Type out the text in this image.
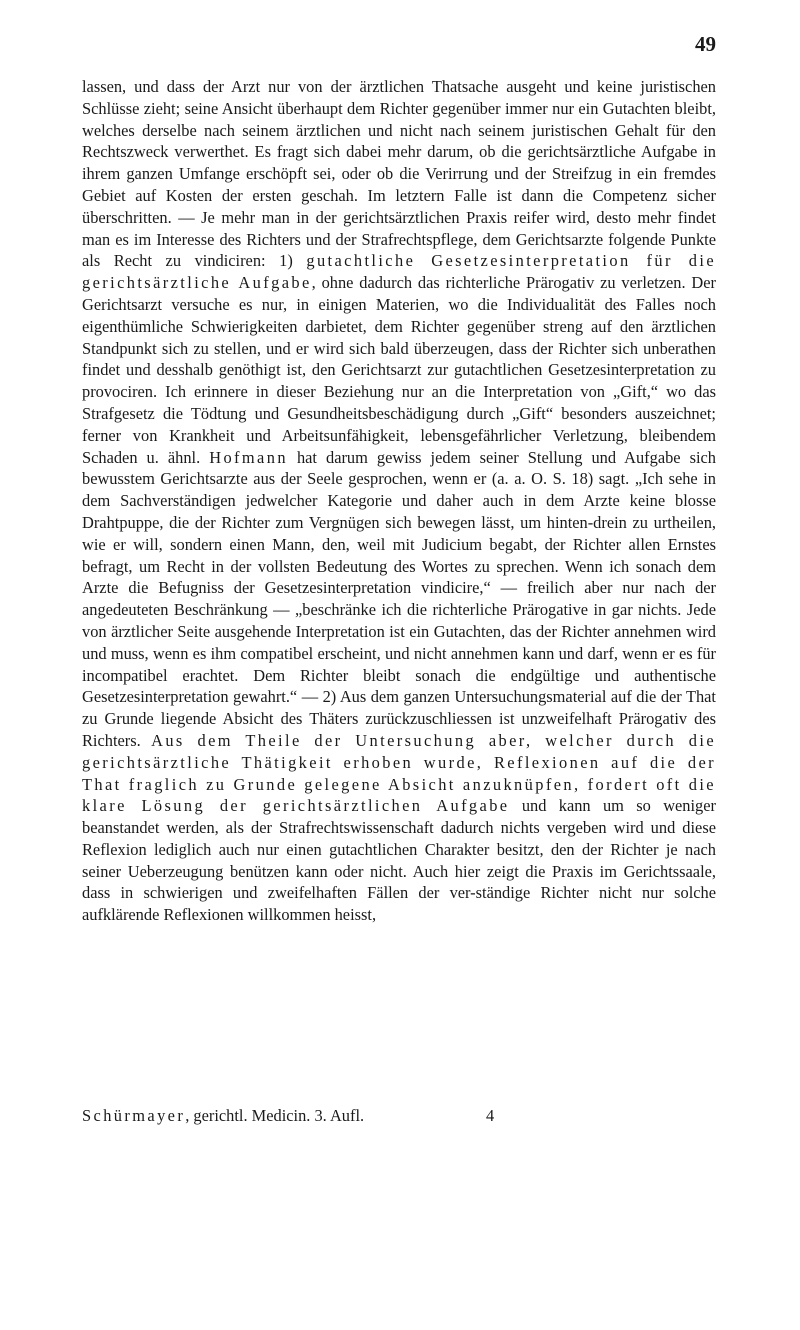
49

lassen, und dass der Arzt nur von der ärztlichen Thatsache ausgeht und keine juristischen Schlüsse zieht; seine Ansicht überhaupt dem Richter gegenüber immer nur ein Gutachten bleibt, welches derselbe nach seinem ärztlichen und nicht nach seinem juristischen Gehalt für den Rechtszweck verwerthet. Es fragt sich dabei mehr darum, ob die gerichtsärztliche Aufgabe in ihrem ganzen Umfange erschöpft sei, oder ob die Verirrung und der Streifzug in ein fremdes Gebiet auf Kosten der ersten geschah. Im letztern Falle ist dann die Competenz sicher überschritten. — Je mehr man in der gerichtsärztlichen Praxis reifer wird, desto mehr findet man es im Interesse des Richters und der Strafrechtspflege, dem Gerichtsarzte folgende Punkte als Recht zu vindiciren: 1) gutachtliche Gesetzesinterpretation für die gerichtsärztliche Aufgabe, ohne dadurch das richterliche Prärogativ zu verletzen. Der Gerichtsarzt versuche es nur, in einigen Materien, wo die Individualität des Falles noch eigenthümliche Schwierigkeiten darbietet, dem Richter gegenüber streng auf den ärztlichen Standpunkt sich zu stellen, und er wird sich bald überzeugen, dass der Richter sich unberathen findet und desshalb genöthigt ist, den Gerichtsarzt zur gutachtlichen Gesetzesinterpretation zu provociren. Ich erinnere in dieser Beziehung nur an die Interpretation von „Gift,“ wo das Strafgesetz die Tödtung und Gesundheitsbeschädigung durch „Gift“ besonders auszeichnet; ferner von Krankheit und Arbeitsunfähigkeit, lebensgefährlicher Verletzung, bleibendem Schaden u. ähnl. Hofmann hat darum gewiss jedem seiner Stellung und Aufgabe sich bewusstem Gerichtsarzte aus der Seele gesprochen, wenn er (a. a. O. S. 18) sagt. „Ich sehe in dem Sachverständigen jedwelcher Kategorie und daher auch in dem Arzte keine blosse Drahtpuppe, die der Richter zum Vergnügen sich bewegen lässt, um hinten-drein zu urtheilen, wie er will, sondern einen Mann, den, weil mit Judicium begabt, der Richter allen Ernstes befragt, um Recht in der vollsten Bedeutung des Wortes zu sprechen. Wenn ich sonach dem Arzte die Befugniss der Gesetzesinterpretation vindicire,“ — freilich aber nur nach der angedeuteten Beschränkung — „beschränke ich die richterliche Prärogative in gar nichts. Jede von ärztlicher Seite ausgehende Interpretation ist ein Gutachten, das der Richter annehmen wird und muss, wenn es ihm compatibel erscheint, und nicht annehmen kann und darf, wenn er es für incompatibel erachtet. Dem Richter bleibt sonach die endgültige und authentische Gesetzesinterpretation gewahrt.“ — 2) Aus dem ganzen Untersuchungsmaterial auf die der That zu Grunde liegende Absicht des Thäters zurückzuschliessen ist unzweifelhaft Prärogativ des Richters. Aus dem Theile der Untersuchung aber, welcher durch die gerichtsärztliche Thätigkeit erhoben wurde, Reflexionen auf die der That fraglich zu Grunde gelegene Absicht anzuknüpfen, fordert oft die klare Lösung der gerichtsärztlichen Aufgabe und kann um so weniger beanstandet werden, als der Strafrechtswissenschaft dadurch nichts vergeben wird und diese Reflexion lediglich auch nur einen gutachtlichen Charakter besitzt, den der Richter je nach seiner Ueberzeugung benützen kann oder nicht. Auch hier zeigt die Praxis im Gerichtssaale, dass in schwierigen und zweifelhaften Fällen der ver-ständige Richter nicht nur solche aufklärende Reflexionen willkommen heisst,

Schürmayer, gerichtl. Medicin. 3. Aufl.	4
